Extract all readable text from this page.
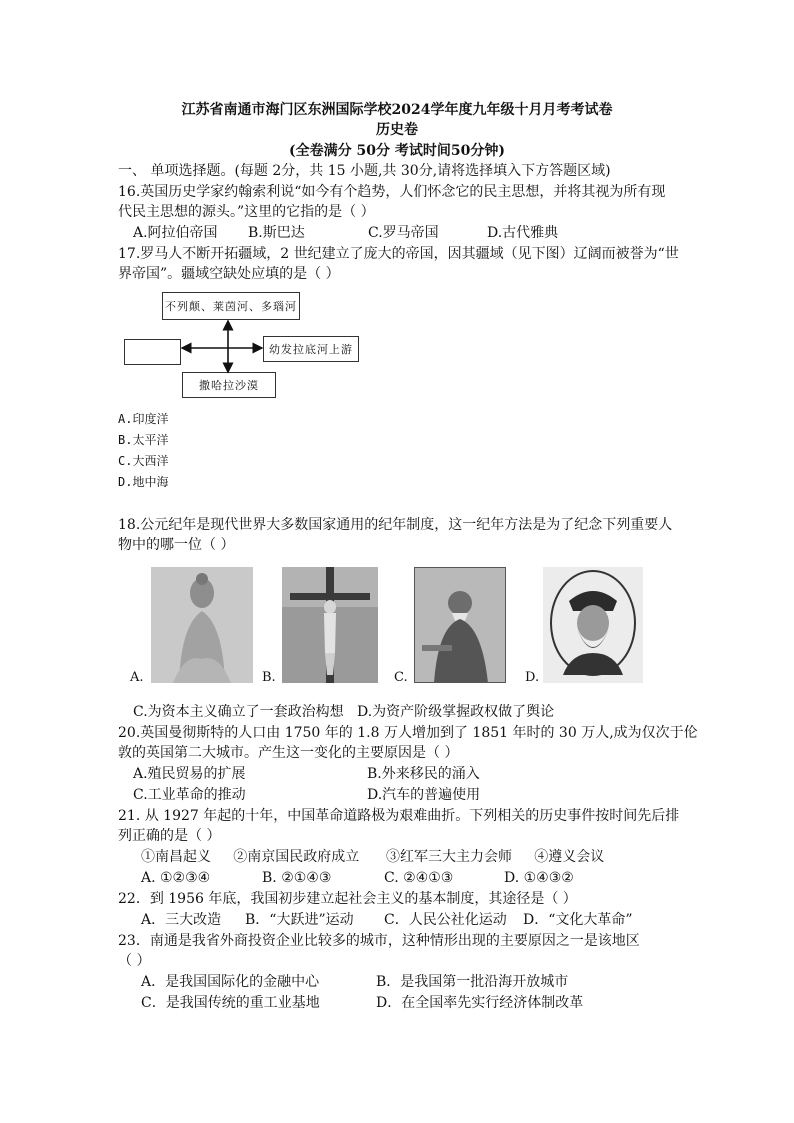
江苏省南通市海门区东洲国际学校2024学年度九年级十月月考考试卷
历史卷
(全卷满分 50分 考试时间50分钟)
一、 单项选择题。(每题 2分，共 15 小题,共 30分,请将选择填入下方答题区域)
16.英国历史学家约翰索利说“如今有个趋势，人们怀念它的民主思想，并将其视为所有现
代民主思想的源头。”这里的它指的是（ ）
A.阿拉伯帝国 B.斯巴达	C.罗马帝国	D.古代雅典
17.罗马人不断开拓疆域，2 世纪建立了庞大的帝国，因其疆域（见下图）辽阔而被誉为“世
界帝国”。疆域空缺处应填的是（ ）
不列颠、莱茵河、多瑙河
幼发拉底河上游
撒哈拉沙漠
A.印度洋
B.太平洋
C.大西洋
D.地中海
18.公元纪年是现代世界大多数国家通用的纪年制度，这一纪年方法是为了纪念下列重要人
物中的哪一位（ ）
A.	B.	C.	D.
C.为资本主义确立了一套政治构想 D.为资产阶级掌握政权做了舆论
20.英国曼彻斯特的人口由 1750 年的 1.8 万人增加到了 1851 年时的 30 万人,成为仅次于伦
敦的英国第二大城市。产生这一变化的主要原因是（ ）
A.殖民贸易的扩展	B.外来移民的涌入
C.工业革命的推动	D.汽车的普遍使用
21. 从 1927 年起的十年，中国革命道路极为艰难曲折。下列相关的历史事件按时间先后排
列正确的是（ ）
①南昌起义     ②南京国民政府成立      ③红军三大主力会师     ④遵义会议
A. ①②③④	B. ②①④③	C. ②④①③	D. ①④③②
22．到 1956 年底，我国初步建立起社会主义的基本制度，其途径是（ ）
A．三大改造 B．“大跃进”运动 C．人民公社化运动 D．“文化大革命”
23．南通是我省外商投资企业比较多的城市，这种情形出现的主要原因之一是该地区
（ ）
A．是我国国际化的金融中心	B．是我国第一批沿海开放城市
C．是我国传统的重工业基地	D．在全国率先实行经济体制改革
